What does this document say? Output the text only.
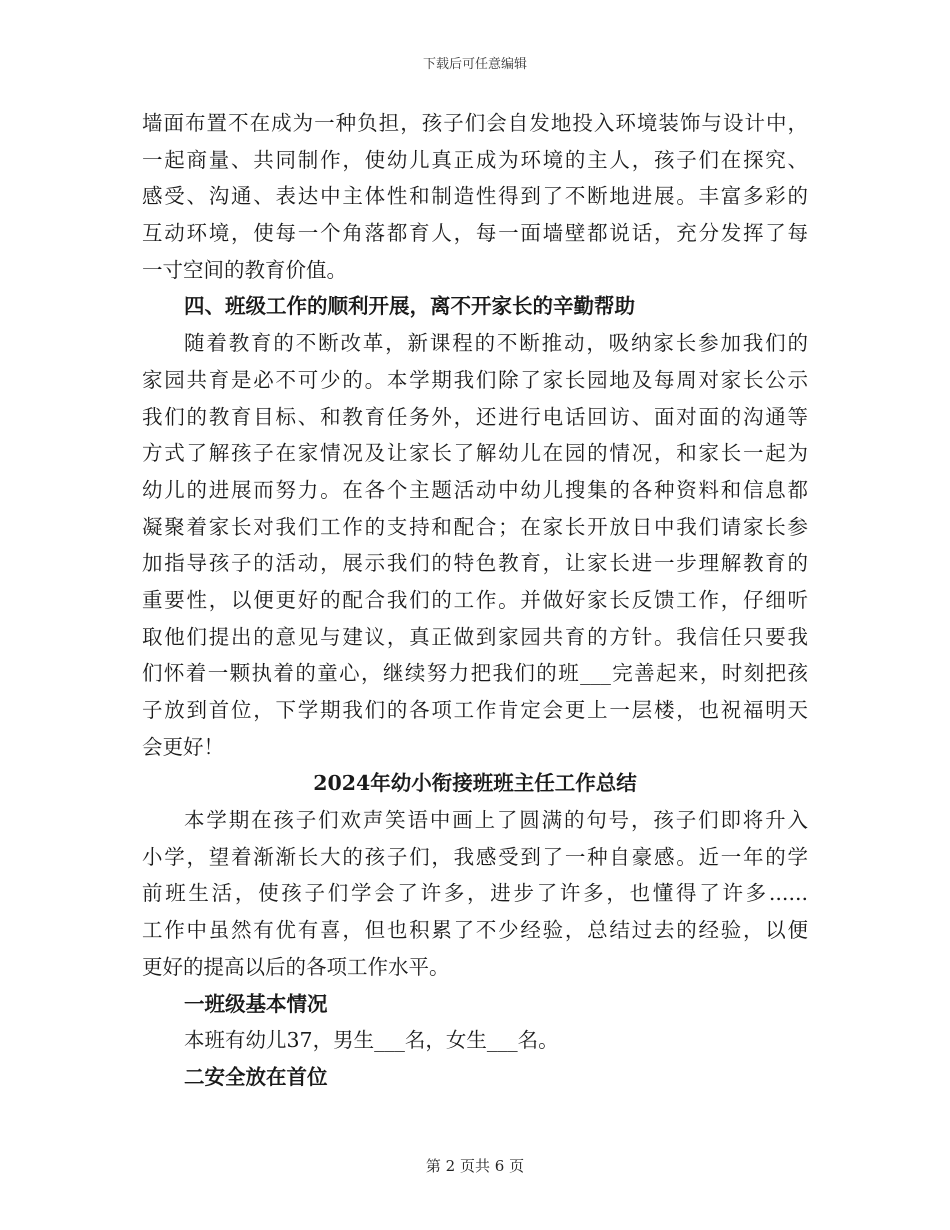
下载后可任意编辑
墙面布置不在成为一种负担，孩子们会自发地投入环境装饰与设计中，
一起商量、共同制作，使幼儿真正成为环境的主人，孩子们在探究、
感受、沟通、表达中主体性和制造性得到了不断地进展。丰富多彩的
互动环境，使每一个角落都育人，每一面墙壁都说话，充分发挥了每
一寸空间的教育价值。
四、班级工作的顺利开展，离不开家长的辛勤帮助
随着教育的不断改革，新课程的不断推动，吸纳家长参加我们的
家园共育是必不可少的。本学期我们除了家长园地及每周对家长公示
我们的教育目标、和教育任务外，还进行电话回访、面对面的沟通等
方式了解孩子在家情况及让家长了解幼儿在园的情况，和家长一起为
幼儿的进展而努力。在各个主题活动中幼儿搜集的各种资料和信息都
凝聚着家长对我们工作的支持和配合；在家长开放日中我们请家长参
加指导孩子的活动，展示我们的特色教育，让家长进一步理解教育的
重要性，以便更好的配合我们的工作。并做好家长反馈工作，仔细听
取他们提出的意见与建议，真正做到家园共育的方针。我信任只要我
们怀着一颗执着的童心，继续努力把我们的班___完善起来，时刻把孩
子放到首位，下学期我们的各项工作肯定会更上一层楼，也祝福明天
会更好！
2024年幼小衔接班班主任工作总结
本学期在孩子们欢声笑语中画上了圆满的句号，孩子们即将升入
小学，望着渐渐长大的孩子们，我感受到了一种自豪感。近一年的学
前班生活，使孩子们学会了许多，进步了许多，也懂得了许多......
工作中虽然有优有喜，但也积累了不少经验，总结过去的经验，以便
更好的提高以后的各项工作水平。
一班级基本情况
本班有幼儿37，男生___名，女生___名。
二安全放在首位
第 2 页共 6 页
